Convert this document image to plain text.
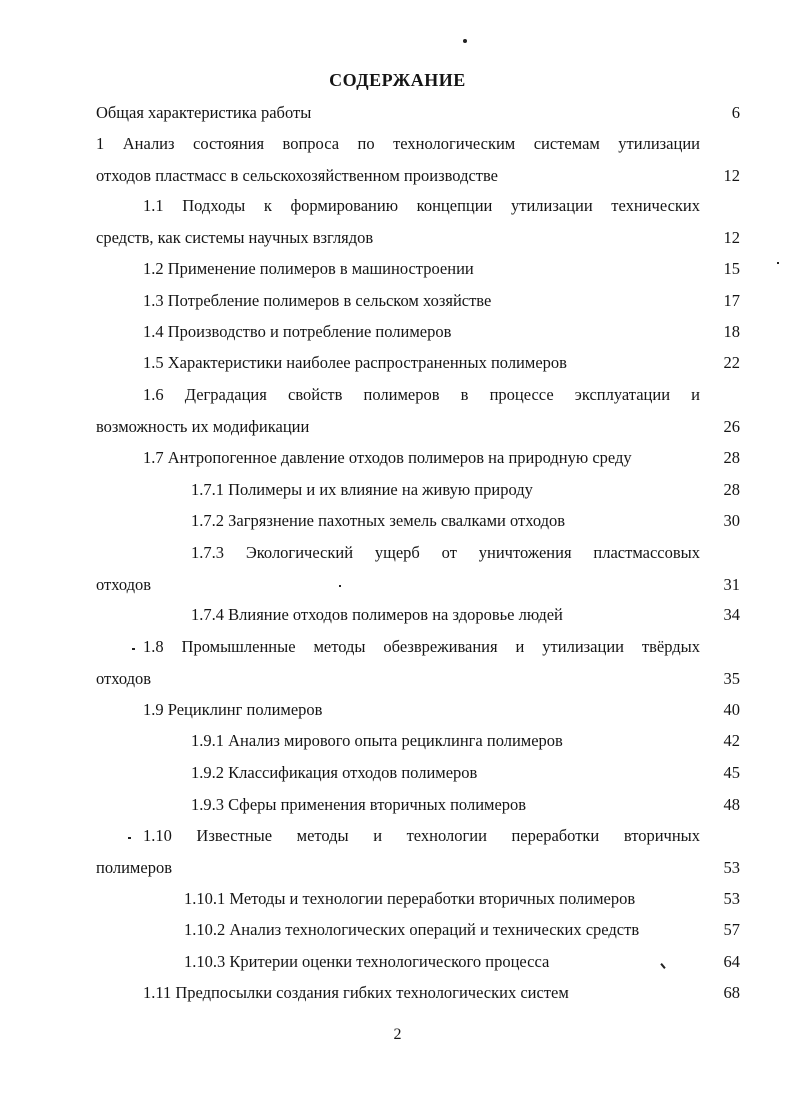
СОДЕРЖАНИЕ
Общая характеристика работы	6
1 Анализ состояния вопроса по технологическим системам утилизации
отходов пластмасс в сельскохозяйственном производстве	12
1.1 Подходы к формированию концепции утилизации технических
средств, как системы научных взглядов	12
1.2 Применение полимеров в машиностроении	15
1.3 Потребление полимеров в сельском хозяйстве	17
1.4 Производство и потребление полимеров	18
1.5 Характеристики наиболее распространенных полимеров	22
1.6 Деградация свойств полимеров в процессе эксплуатации и
возможность их модификации	26
1.7 Антропогенное давление отходов полимеров на природную среду	28
1.7.1 Полимеры и их влияние на живую природу	28
1.7.2 Загрязнение пахотных земель свалками отходов	30
1.7.3 Экологический ущерб от уничтожения пластмассовых
отходов	31
1.7.4 Влияние отходов полимеров на здоровье людей	34
1.8 Промышленные методы обезвреживания и утилизации твёрдых
отходов	35
1.9 Рециклинг полимеров	40
1.9.1 Анализ мирового опыта рециклинга полимеров	42
1.9.2 Классификация отходов полимеров	45
1.9.3 Сферы применения вторичных полимеров	48
1.10 Известные методы и технологии переработки вторичных
полимеров	53
1.10.1 Методы и технологии переработки вторичных полимеров	53
1.10.2 Анализ технологических операций и технических средств	57
1.10.3 Критерии оценки технологического процесса	64
1.11 Предпосылки создания гибких технологических систем	68
2
